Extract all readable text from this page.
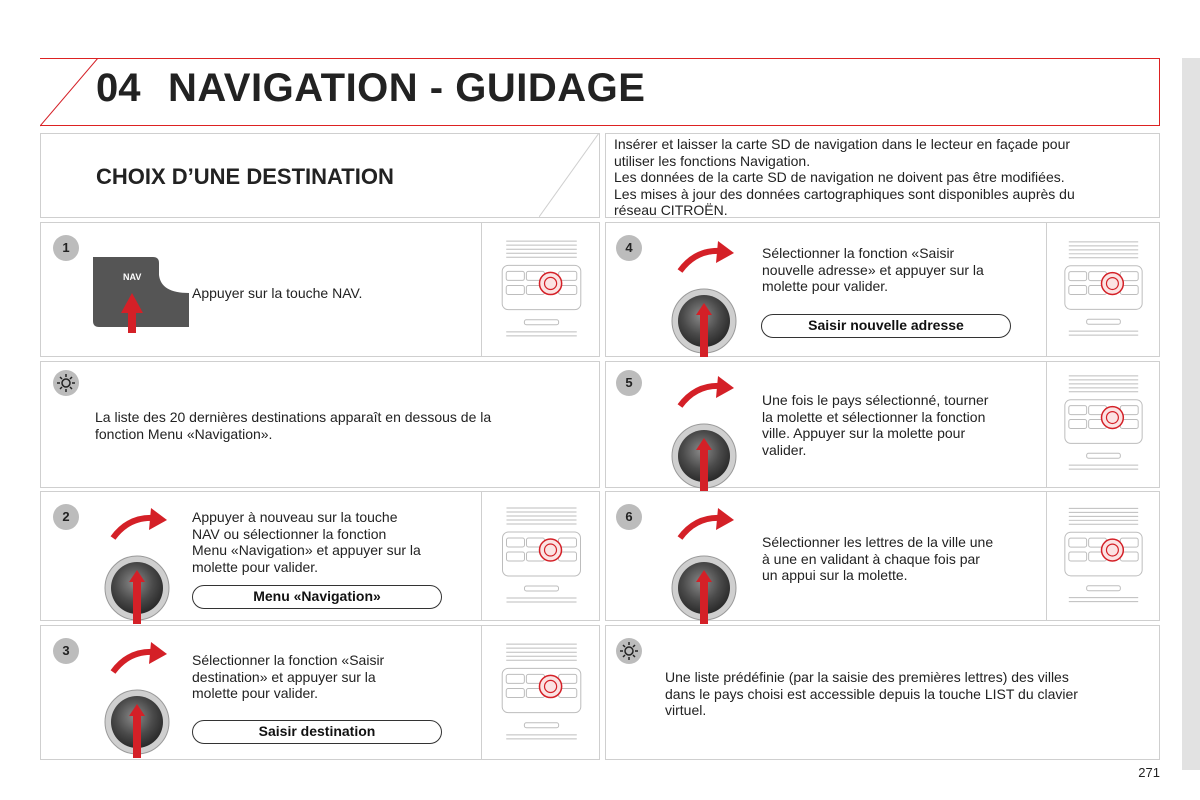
04 NAVIGATION - GUIDAGE
CHOIX D’UNE DESTINATION
Insérer et laisser la carte SD de navigation dans le lecteur en façade pour
utiliser les fonctions Navigation.
Les données de la carte SD de navigation ne doivent pas être modifiées.
Les mises à jour des données cartographiques sont disponibles auprès du
réseau CITROËN.
1
NAV
Appuyer sur la touche NAV.
La liste des 20 dernières destinations apparaît en dessous de la
fonction Menu «Navigation».
2	Appuyer à nouveau sur la touche
NAV ou sélectionner la fonction
Menu «Navigation» et appuyer sur la
molette pour valider.
Menu «Navigation»
3
Sélectionner la fonction «Saisir
destination» et appuyer sur la
molette pour valider.
Saisir destination
4	Sélectionner la fonction «Saisir
nouvelle adresse» et appuyer sur la
molette pour valider.
Saisir nouvelle adresse
5
Une fois le pays sélectionné, tourner
la molette et sélectionner la fonction
ville. Appuyer sur la molette pour
valider.
6
Sélectionner les lettres de la ville une
à une en validant à chaque fois par
un appui sur la molette.
Une liste prédéfinie (par la saisie des premières lettres) des villes
dans le pays choisi est accessible depuis la touche LIST du clavier
virtuel.
271
